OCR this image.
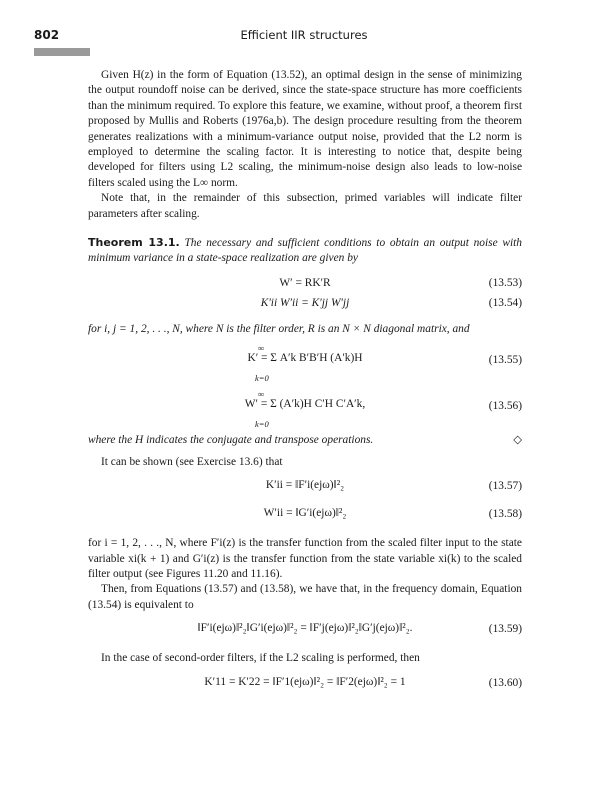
802	Efficient IIR structures

Given H(z) in the form of Equation (13.52), an optimal design in the sense of minimizing the output roundoff noise can be derived, since the state-space structure has more coefficients than the minimum required. To explore this feature, we examine, without proof, a theorem first proposed by Mullis and Roberts (1976a,b). The design procedure resulting from the theorem generates realizations with a minimum-variance output noise, provided that the L2 norm is employed to determine the scaling factor. It is interesting to notice that, despite being developed for filters using L2 scaling, the minimum-noise design also leads to low-noise filters scaled using the L∞ norm.

Note that, in the remainder of this subsection, primed variables will indicate filter parameters after scaling.

Theorem 13.1. The necessary and sufficient conditions to obtain an output noise with minimum variance in a state-space realization are given by

W′ = RK′R	(13.53)
K′ii W′ii = K′jj W′jj	(13.54)

for i, j = 1, 2, . . ., N, where N is the filter order, R is an N × N diagonal matrix, and

∞
K′ = Σ A′k B′B′H (A′k)H
k=0
(13.55)
∞
W′ = Σ (A′k)H C′H C′A′k,
k=0
(13.56)

where the H indicates the conjugate and transpose operations.	◇

It can be shown (see Exercise 13.6) that

K′ii = ‖F′i(ejω)‖²₂	(13.57)
W′ii = ‖G′i(ejω)‖²₂	(13.58)

for i = 1, 2, . . ., N, where F′i(z) is the transfer function from the scaled filter input to the state variable xi(k + 1) and G′i(z) is the transfer function from the state variable xi(k) to the scaled filter output (see Figures 11.20 and 11.16).

Then, from Equations (13.57) and (13.58), we have that, in the frequency domain, Equation (13.54) is equivalent to

‖F′i(ejω)‖²₂‖G′i(ejω)‖²₂ = ‖F′j(ejω)‖²₂‖G′j(ejω)‖²₂.	(13.59)

In the case of second-order filters, if the L2 scaling is performed, then

K′11 = K′22 = ‖F′1(ejω)‖²₂ = ‖F′2(ejω)‖²₂ = 1	(13.60)
